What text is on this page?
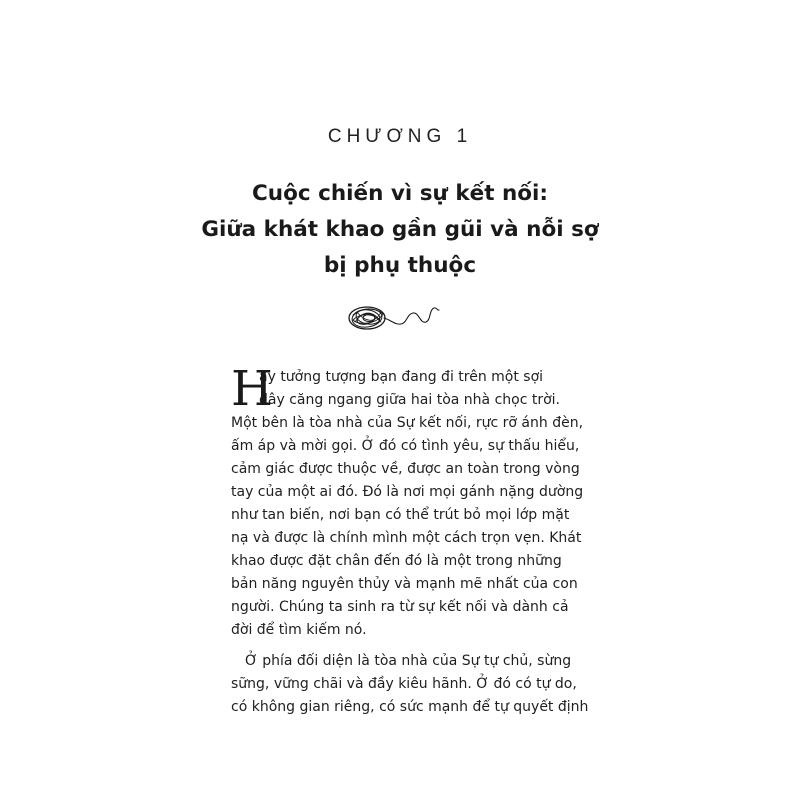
CHƯƠNG 1
Cuộc chiến vì sự kết nối:
Giữa khát khao gần gũi và nỗi sợ
bị phụ thuộc
H
ãy tưởng tượng bạn đang đi trên một sợi
dây căng ngang giữa hai tòa nhà chọc trời.
Một bên là tòa nhà của Sự kết nối, rực rỡ ánh đèn,
ấm áp và mời gọi. Ở đó có tình yêu, sự thấu hiểu,
cảm giác được thuộc về, được an toàn trong vòng
tay của một ai đó. Đó là nơi mọi gánh nặng dường
như tan biến, nơi bạn có thể trút bỏ mọi lớp mặt
nạ và được là chính mình một cách trọn vẹn. Khát
khao được đặt chân đến đó là một trong những
bản năng nguyên thủy và mạnh mẽ nhất của con
người. Chúng ta sinh ra từ sự kết nối và dành cả
đời để tìm kiếm nó.
Ở phía đối diện là tòa nhà của Sự tự chủ, sừng
sững, vững chãi và đầy kiêu hãnh. Ở đó có tự do,
có không gian riêng, có sức mạnh để tự quyết định
